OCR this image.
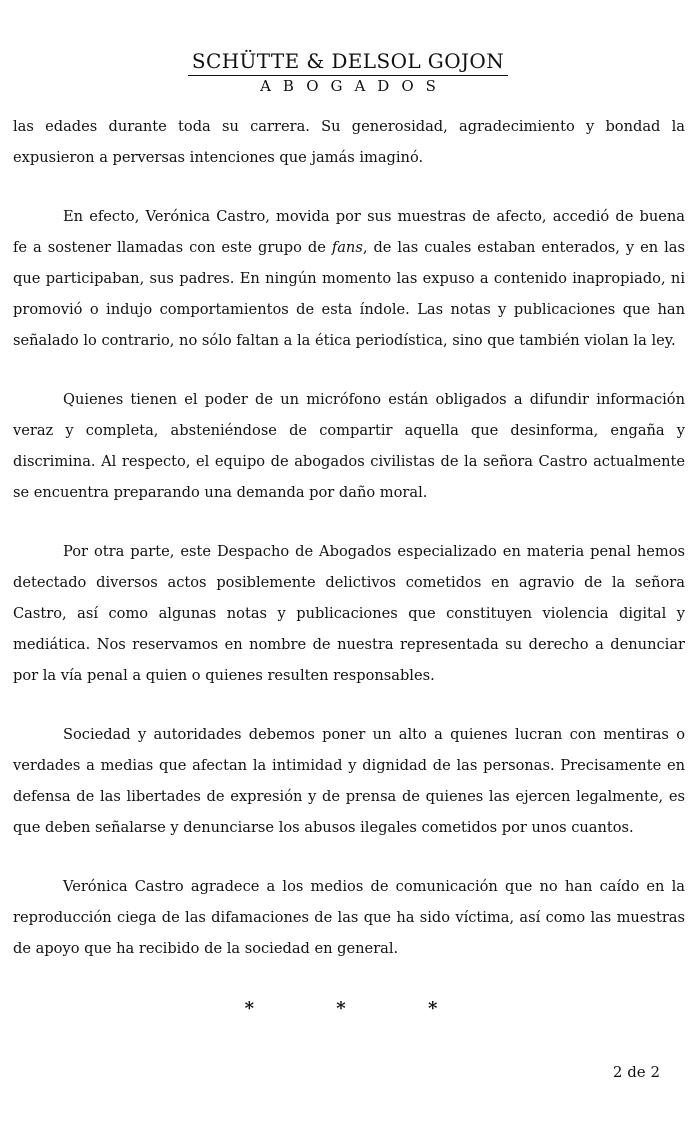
SCHÜTTE & DELSOL GOJON
ABOGADOS

las edades durante toda su carrera. Su generosidad, agradecimiento y bondad la expusieron a perversas intenciones que jamás imaginó.

En efecto, Verónica Castro, movida por sus muestras de afecto, accedió de buena fe a sostener llamadas con este grupo de fans, de las cuales estaban enterados, y en las que participaban, sus padres. En ningún momento las expuso a contenido inapropiado, ni promovió o indujo comportamientos de esta índole. Las notas y publicaciones que han señalado lo contrario, no sólo faltan a la ética periodística, sino que también violan la ley.

Quienes tienen el poder de un micrófono están obligados a difundir información veraz y completa, absteniéndose de compartir aquella que desinforma, engaña y discrimina. Al respecto, el equipo de abogados civilistas de la señora Castro actualmente se encuentra preparando una demanda por daño moral.

Por otra parte, este Despacho de Abogados especializado en materia penal hemos detectado diversos actos posiblemente delictivos cometidos en agravio de la señora Castro, así como algunas notas y publicaciones que constituyen violencia digital y mediática. Nos reservamos en nombre de nuestra representada su derecho a denunciar por la vía penal a quien o quienes resulten responsables.

Sociedad y autoridades debemos poner un alto a quienes lucran con mentiras o verdades a medias que afectan la intimidad y dignidad de las personas. Precisamente en defensa de las libertades de expresión y de prensa de quienes las ejercen legalmente, es que deben señalarse y denunciarse los abusos ilegales cometidos por unos cuantos.

Verónica Castro agradece a los medios de comunicación que no han caído en la reproducción ciega de las difamaciones de las que ha sido víctima, así como las muestras de apoyo que ha recibido de la sociedad en general.

* * *
2 de 2
